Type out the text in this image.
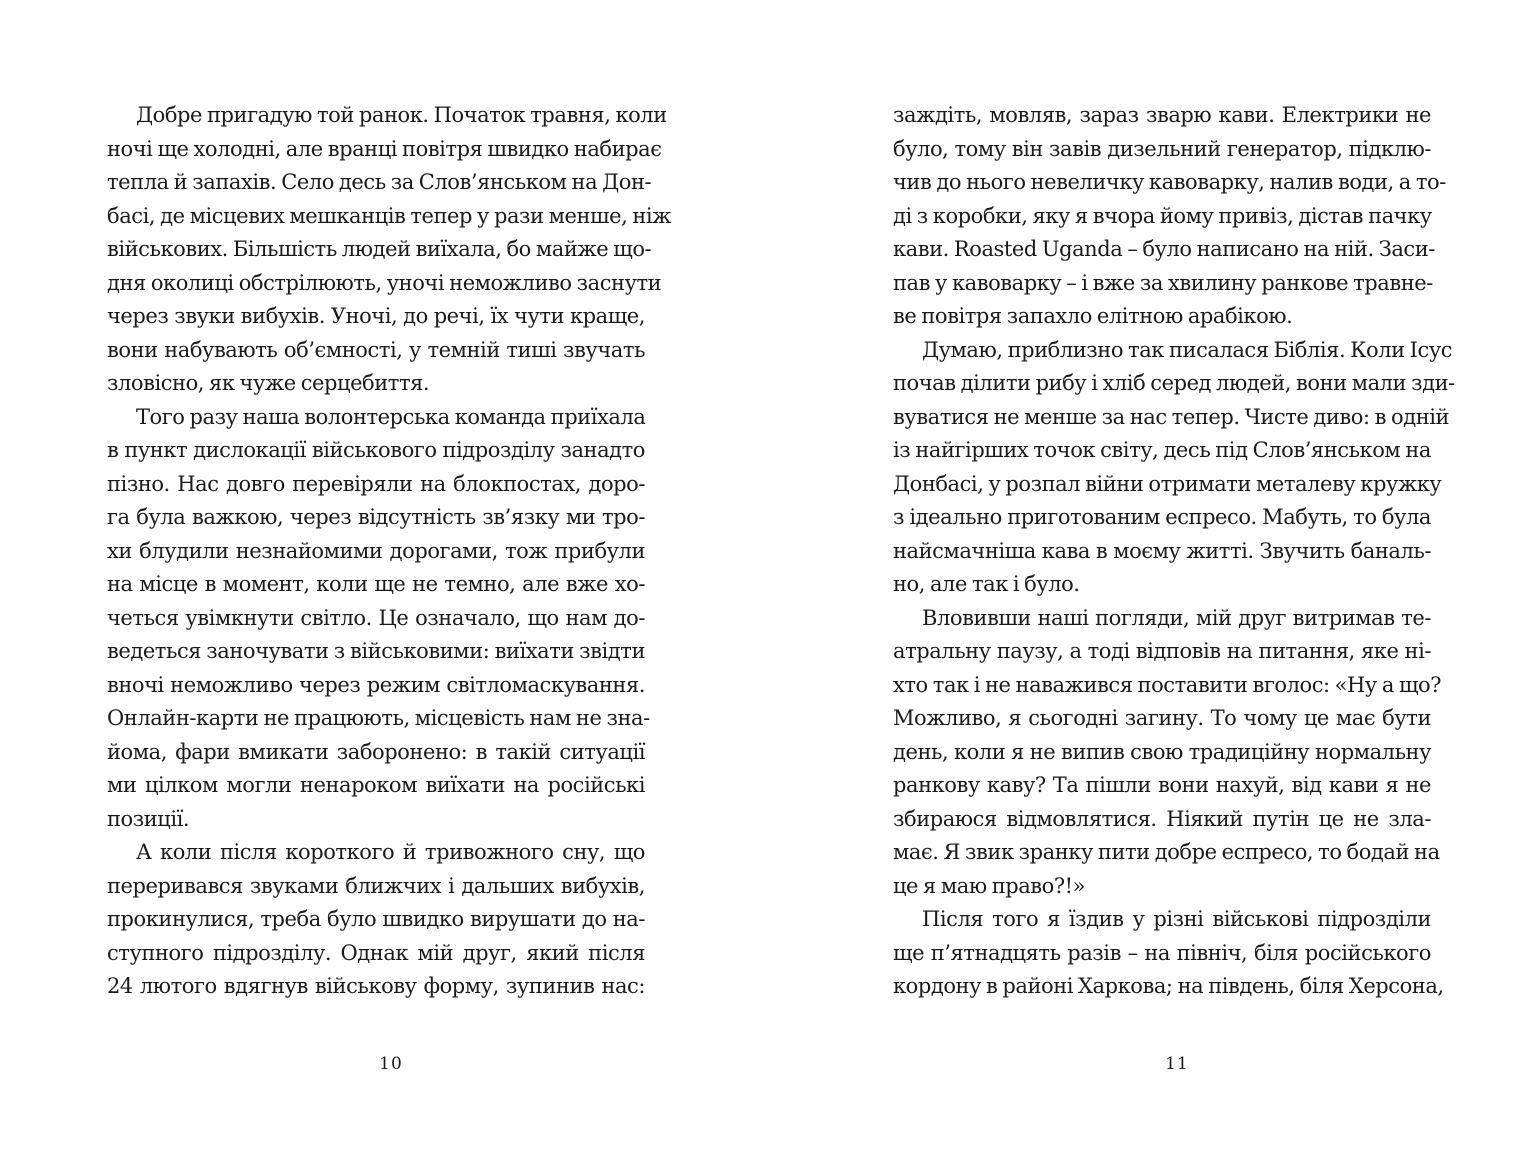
Добре пригадую той ранок. Початок травня, коли
ночі ще холодні, але вранці повітря швидко набирає
тепла й запахів. Село десь за Слов’янськом на Дон-
басі, де місцевих мешканців тепер у рази менше, ніж
військових. Більшість людей виїхала, бо майже що-
дня околиці обстрілюють, уночі неможливо заснути
через звуки вибухів. Уночі, до речі, їх чути краще,
вони набувають об’ємності, у темній тиші звучать
зловісно, як чуже серцебиття.
Того разу наша волонтерська команда приїхала
в пункт дислокації військового підрозділу занадто
пізно. Нас довго перевіряли на блокпостах, доро-
га була важкою, через відсутність зв’язку ми тро-
хи блудили незнайомими дорогами, тож прибули
на місце в момент, коли ще не темно, але вже хо-
четься увімкнути світло. Це означало, що нам до-
ведеться заночувати з військовими: виїхати звідти
вночі неможливо через режим світломаскування.
Онлайн-карти не працюють, місцевість нам не зна-
йома, фари вмикати заборонено: в такій ситуації
ми цілком могли ненароком виїхати на російські
позиції.
А коли після короткого й тривожного сну, що
переривався звуками ближчих і дальших вибухів,
прокинулися, треба було швидко вирушати до на-
ступного підрозділу. Однак мій друг, який після
24 лютого вдягнув військову форму, зупинив нас:
10
заждіть, мовляв, зараз зварю кави. Електрики не
було, тому він завів дизельний генератор, підклю-
чив до нього невеличку кавоварку, налив води, а то-
ді з коробки, яку я вчора йому привіз, дістав пачку
кави. Roasted Uganda – було написано на ній. Заси-
пав у кавоварку – і вже за хвилину ранкове травне-
ве повітря запахло елітною арабікою.
Думаю, приблизно так писалася Біблія. Коли Ісус
почав ділити рибу і хліб серед людей, вони мали зди-
вуватися не менше за нас тепер. Чисте диво: в одній
із найгірших точок світу, десь під Слов’янськом на
Донбасі, у розпал війни отримати металеву кружку
з ідеально приготованим еспресо. Мабуть, то була
найсмачніша кава в моєму житті. Звучить баналь-
но, але так і було.
Вловивши наші погляди, мій друг витримав те-
атральну паузу, а тоді відповів на питання, яке ні-
хто так і не наважився поставити вголос: «Ну а що?
Можливо, я сьогодні загину. То чому це має бути
день, коли я не випив свою традиційну нормальну
ранкову каву? Та пішли вони нахуй, від кави я не
збираюся відмовлятися. Ніякий путін це не зла-
має. Я звик зранку пити добре еспресо, то бодай на
це я маю право?!»
Після того я їздив у різні військові підрозділи
ще п’ятнадцять разів – на північ, біля російського
кордону в районі Харкова; на південь, біля Херсона,
11
